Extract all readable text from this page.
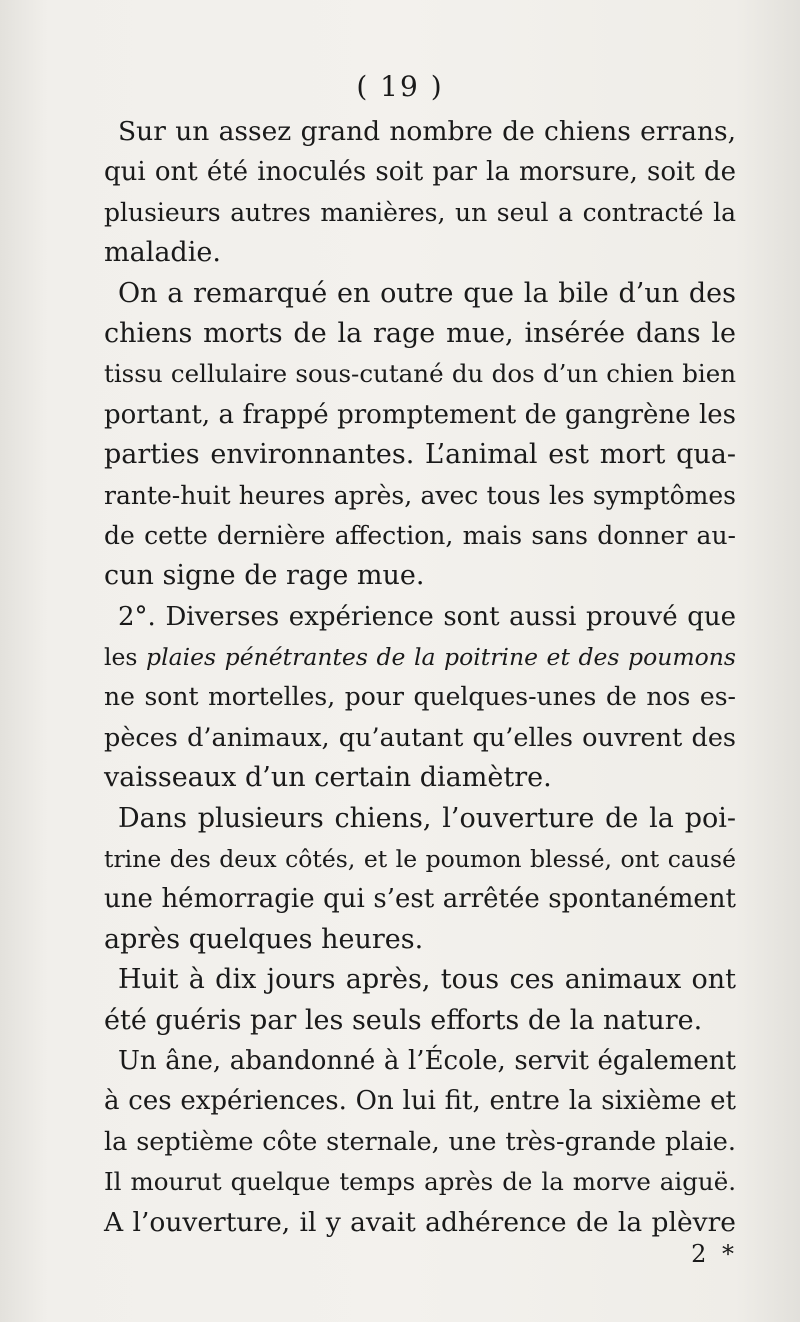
( 19 )

Sur un assez grand nombre de chiens errans,
qui ont été inoculés soit par la morsure, soit de
plusieurs autres manières, un seul a contracté la
maladie.

On a remarqué en outre que la bile d’un des
chiens morts de la rage mue, insérée dans le
tissu cellulaire sous-cutané du dos d’un chien bien
portant, a frappé promptement de gangrène les
parties environnantes. L’animal est mort qua-
rante-huit heures après, avec tous les symptômes
de cette dernière affection, mais sans donner au-
cun signe de rage mue.

2°. Diverses expérience sont aussi prouvé que
les plaies pénétrantes de la poitrine et des poumons
ne sont mortelles, pour quelques-unes de nos es-
pèces d’animaux, qu’autant qu’elles ouvrent des
vaisseaux d’un certain diamètre.

Dans plusieurs chiens, l’ouverture de la poi-
trine des deux côtés, et le poumon blessé, ont causé
une hémorragie qui s’est arrêtée spontanément
après quelques heures.

Huit à dix jours après, tous ces animaux ont
été guéris par les seuls efforts de la nature.

Un âne, abandonné à l’École, servit également
à ces expériences. On lui fit, entre la sixième et
la septième côte sternale, une très-grande plaie.
Il mourut quelque temps après de la morve aiguë.
A l’ouverture, il y avait adhérence de la plèvre

2 *
